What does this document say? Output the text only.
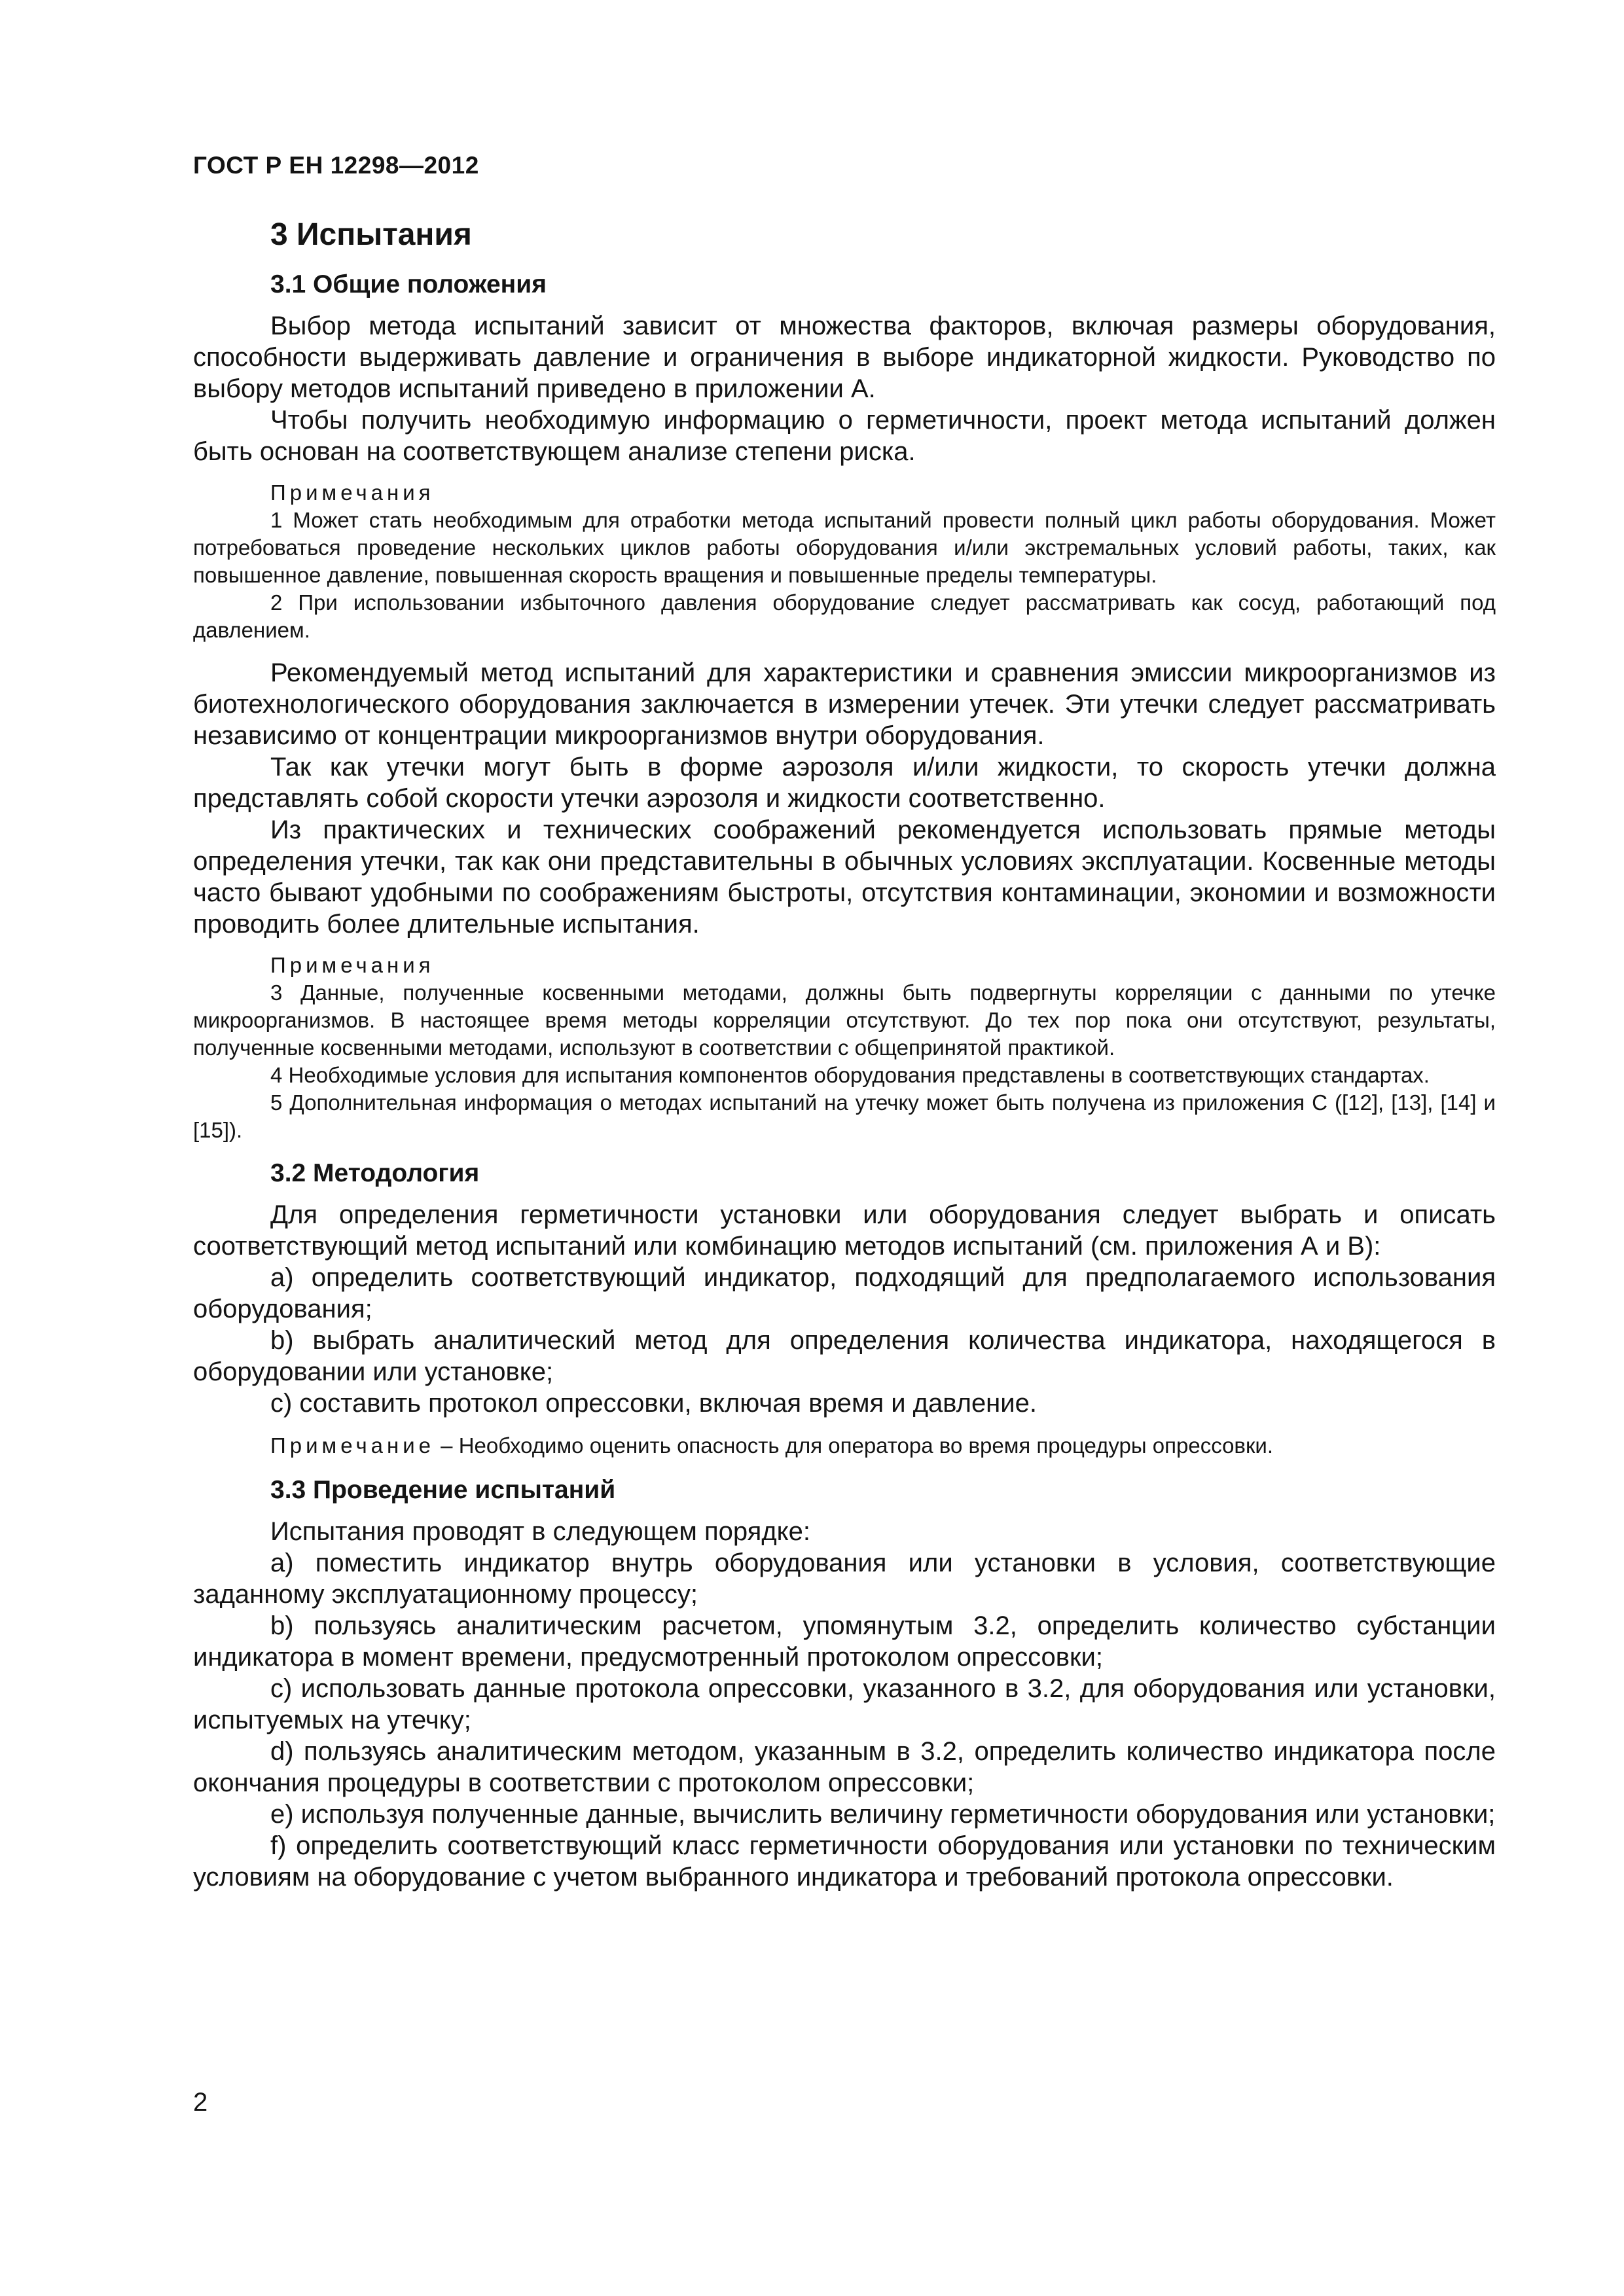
ГОСТ Р ЕН 12298—2012

3 Испытания
3.1 Общие положения

Выбор метода испытаний зависит от множества факторов, включая размеры оборудования, способности выдерживать давление и ограничения в выборе индикаторной жидкости. Руководство по выбору методов испытаний приведено в приложении А.

Чтобы получить необходимую информацию о герметичности, проект метода испытаний должен быть основан на соответствующем анализе степени риска.

Примечания

1 Может стать необходимым для отработки метода испытаний провести полный цикл работы оборудования. Может потребоваться проведение нескольких циклов работы оборудования и/или экстремальных условий работы, таких, как повышенное давление, повышенная скорость вращения и повышенные пределы температуры.

2 При использовании избыточного давления оборудование следует рассматривать как сосуд, работающий под давлением.

Рекомендуемый метод испытаний для характеристики и сравнения эмиссии микроорганизмов из биотехнологического оборудования заключается в измерении утечек. Эти утечки следует рассматривать независимо от концентрации микроорганизмов внутри оборудования.

Так как утечки могут быть в форме аэрозоля и/или жидкости, то скорость утечки должна представлять собой скорости утечки аэрозоля и жидкости соответственно.

Из практических и технических соображений рекомендуется использовать прямые методы определения утечки, так как они представительны в обычных условиях эксплуатации. Косвенные методы часто бывают удобными по соображениям быстроты, отсутствия контаминации, экономии и возможности проводить более длительные испытания.

Примечания

3 Данные, полученные косвенными методами, должны быть подвергнуты корреляции с данными по утечке микроорганизмов. В настоящее время методы корреляции отсутствуют. До тех пор пока они отсутствуют, результаты, полученные косвенными методами, используют в соответствии с общепринятой практикой.

4 Необходимые условия для испытания компонентов оборудования представлены в соответствующих стандартах.

5 Дополнительная информация о методах испытаний на утечку может быть получена из приложения С ([12], [13], [14] и [15]).

3.2 Методология

Для определения герметичности установки или оборудования следует выбрать и описать соответствующий метод испытаний или комбинацию методов испытаний (см. приложения А и В):

а) определить соответствующий индикатор, подходящий для предполагаемого использования оборудования;

b) выбрать аналитический метод для определения количества индикатора, находящегося в оборудовании или установке;

с) составить протокол опрессовки, включая время и давление.

Примечание – Необходимо оценить опасность для оператора во время процедуры опрессовки.

3.3 Проведение испытаний

Испытания проводят в следующем порядке:

а) поместить индикатор внутрь оборудования или установки в условия, соответствующие заданному эксплуатационному процессу;

b) пользуясь аналитическим расчетом, упомянутым 3.2, определить количество субстанции индикатора в момент времени, предусмотренный протоколом опрессовки;

с) использовать данные протокола опрессовки, указанного в 3.2, для оборудования или установки, испытуемых на утечку;

d) пользуясь аналитическим методом, указанным в 3.2, определить количество индикатора после окончания процедуры в соответствии с протоколом опрессовки;

е) используя полученные данные, вычислить величину герметичности оборудования или установки;

f) определить соответствующий класс герметичности оборудования или установки по техническим условиям на оборудование с учетом выбранного индикатора и требований протокола опрессовки.

2
